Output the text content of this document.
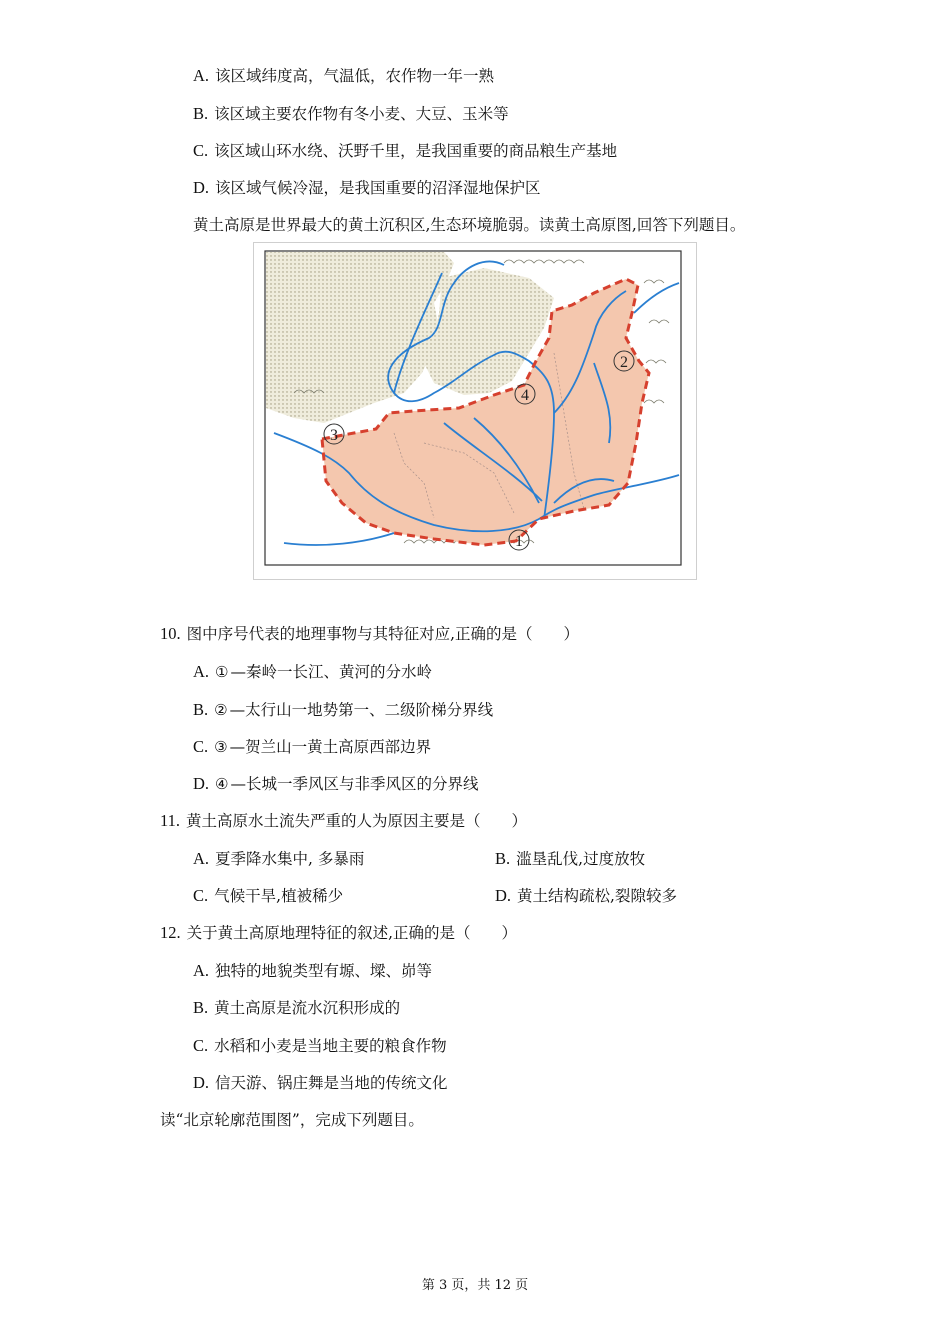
A. 该区域纬度高，气温低，农作物一年一熟
B. 该区域主要农作物有冬小麦、大豆、玉米等
C. 该区域山环水绕、沃野千里，是我国重要的商品粮生产基地
D. 该区域气候冷湿，是我国重要的沼泽湿地保护区
黄土高原是世界最大的黄土沉积区,生态环境脆弱。读黄土高原图,回答下列题目。
1
2
3
4
10. 图中序号代表的地理事物与其特征对应,正确的是（　　）
A. ① —秦岭一长江、黄河的分水岭
B. ② —太行山一地势第一、二级阶梯分界线
C. ③ —贺兰山一黄土高原西部边界
D. ④ —长城一季风区与非季风区的分界线
11. 黄土高原水土流失严重的人为原因主要是（　　）
A. 夏季降水集中, 多暴雨	B. 滥垦乱伐,过度放牧
C. 气候干旱,植被稀少	D. 黄土结构疏松,裂隙较多
12. 关于黄土高原地理特征的叙述,正确的是（　　）
A. 独特的地貌类型有塬、墚、峁等
B. 黄土高原是流水沉积形成的
C. 水稻和小麦是当地主要的粮食作物
D. 信天游、锅庄舞是当地的传统文化
读“北京轮廓范围图”，完成下列题目。
第 3 页，共 12 页
